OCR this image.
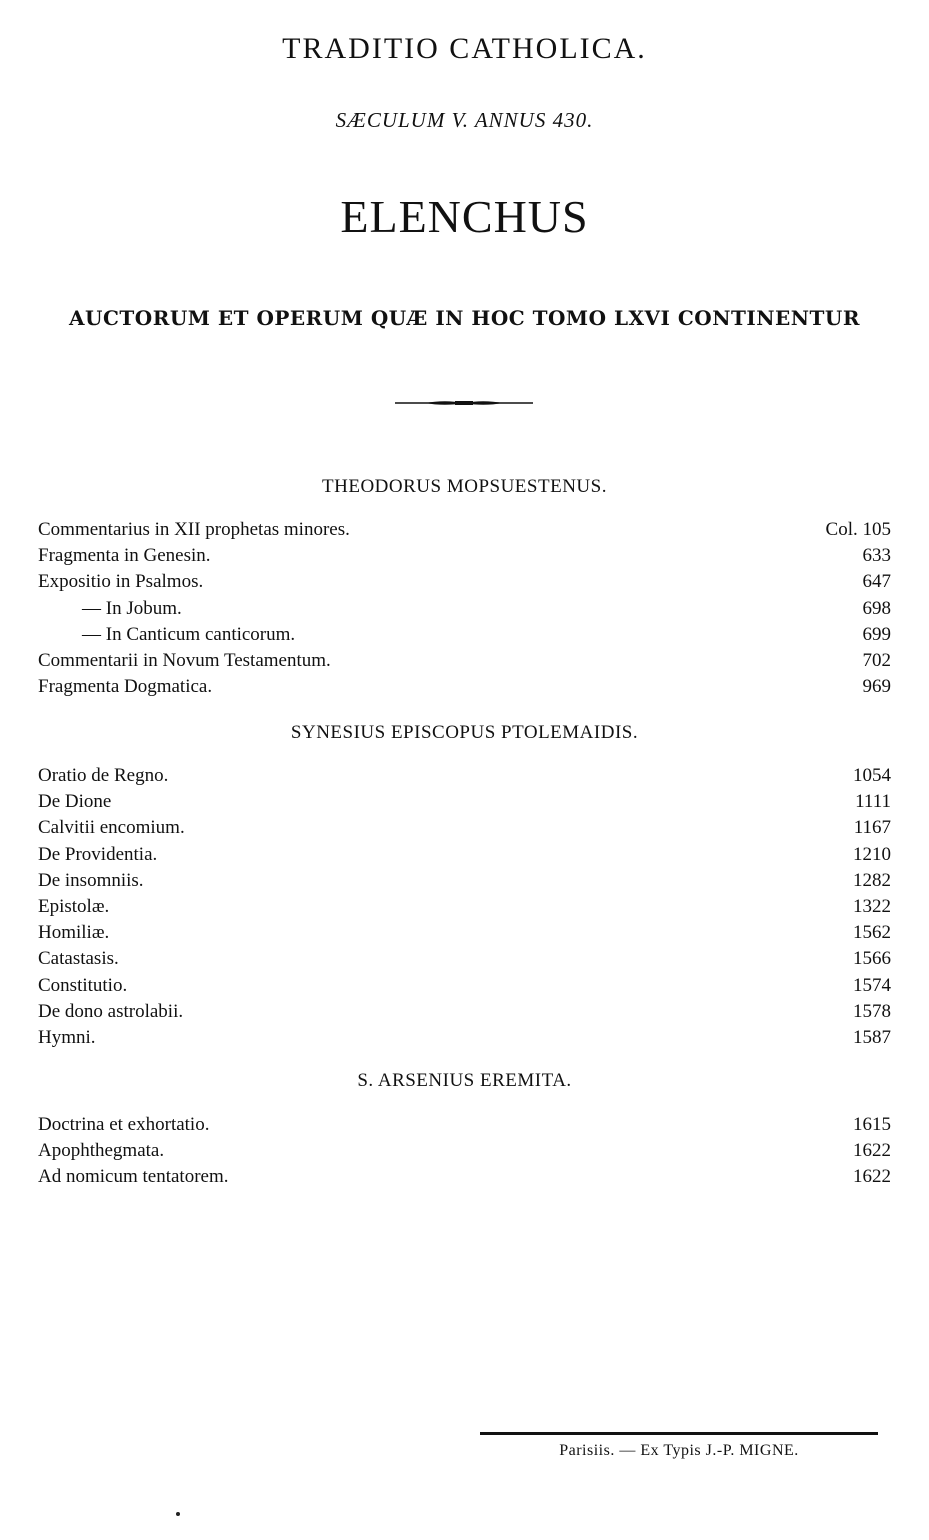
TRADITIO CATHOLICA.
SÆCULUM V. ANNUS 430.
ELENCHUS
AUCTORUM ET OPERUM QUÆ IN HOC TOMO LXVI CONTINENTUR
THEODORUS MOPSUESTENUS.
Commentarius in XII prophetas minores.	Col. 105
Fragmenta in Genesin.	633
Expositio in Psalmos.	647
— In Jobum.	698
— In Canticum canticorum.	699
Commentarii in Novum Testamentum.	702
Fragmenta Dogmatica.	969
SYNESIUS EPISCOPUS PTOLEMAIDIS.
Oratio de Regno.	1054
De Dione	1111
Calvitii encomium.	1167
De Providentia.	1210
De insomniis.	1282
Epistolæ.	1322
Homiliæ.	1562
Catastasis.	1566
Constitutio.	1574
De dono astrolabii.	1578
Hymni.	1587
S. ARSENIUS EREMITA.
Doctrina et exhortatio.	1615
Apophthegmata.	1622
Ad nomicum tentatorem.	1622
Parisiis. — Ex Typis J.-P. MIGNE.
